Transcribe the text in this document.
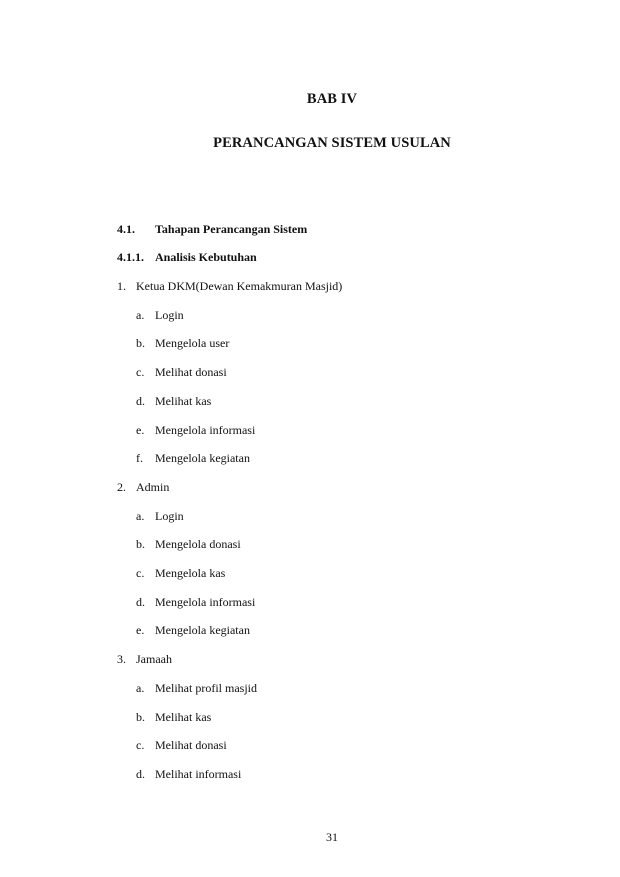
BAB IV
PERANCANGAN SISTEM USULAN
4.1. Tahapan Perancangan Sistem
4.1.1. Analisis Kebutuhan
1. Ketua DKM(Dewan Kemakmuran Masjid)
a. Login
b. Mengelola user
c. Melihat donasi
d. Melihat kas
e. Mengelola informasi
f. Mengelola kegiatan
2. Admin
a. Login
b. Mengelola donasi
c. Mengelola kas
d. Mengelola informasi
e. Mengelola kegiatan
3. Jamaah
a. Melihat profil masjid
b. Melihat kas
c. Melihat donasi
d. Melihat informasi
31
